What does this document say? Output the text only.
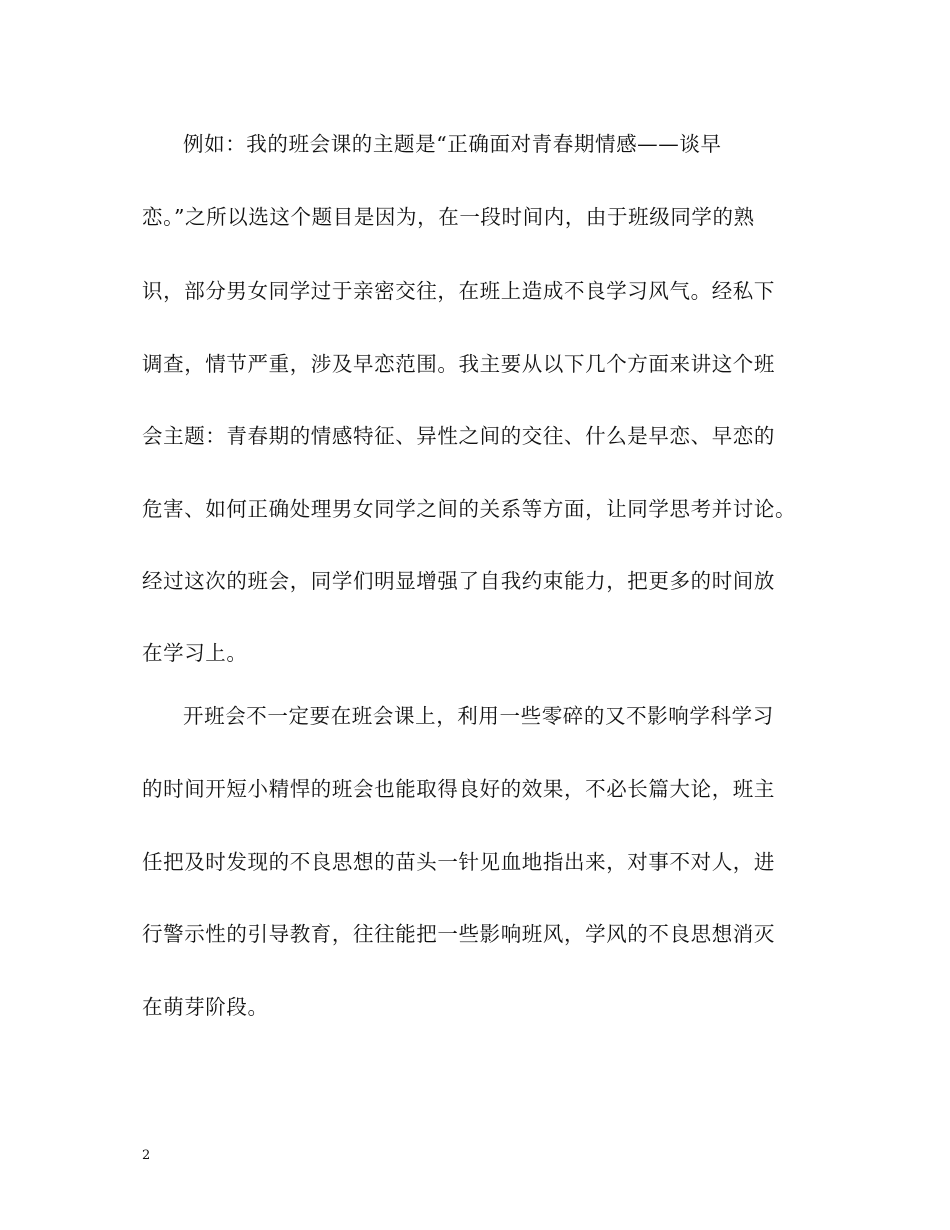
例如：我的班会课的主题是“正确面对青春期情感——谈早
恋。”之所以选这个题目是因为，在一段时间内，由于班级同学的熟
识，部分男女同学过于亲密交往，在班上造成不良学习风气。经私下
调查，情节严重，涉及早恋范围。我主要从以下几个方面来讲这个班
会主题：青春期的情感特征、异性之间的交往、什么是早恋、早恋的
危害、如何正确处理男女同学之间的关系等方面，让同学思考并讨论。
经过这次的班会，同学们明显增强了自我约束能力，把更多的时间放
在学习上。
开班会不一定要在班会课上，利用一些零碎的又不影响学科学习
的时间开短小精悍的班会也能取得良好的效果，不必长篇大论，班主
任把及时发现的不良思想的苗头一针见血地指出来，对事不对人，进
行警示性的引导教育，往往能把一些影响班风，学风的不良思想消灭
在萌芽阶段。
2
